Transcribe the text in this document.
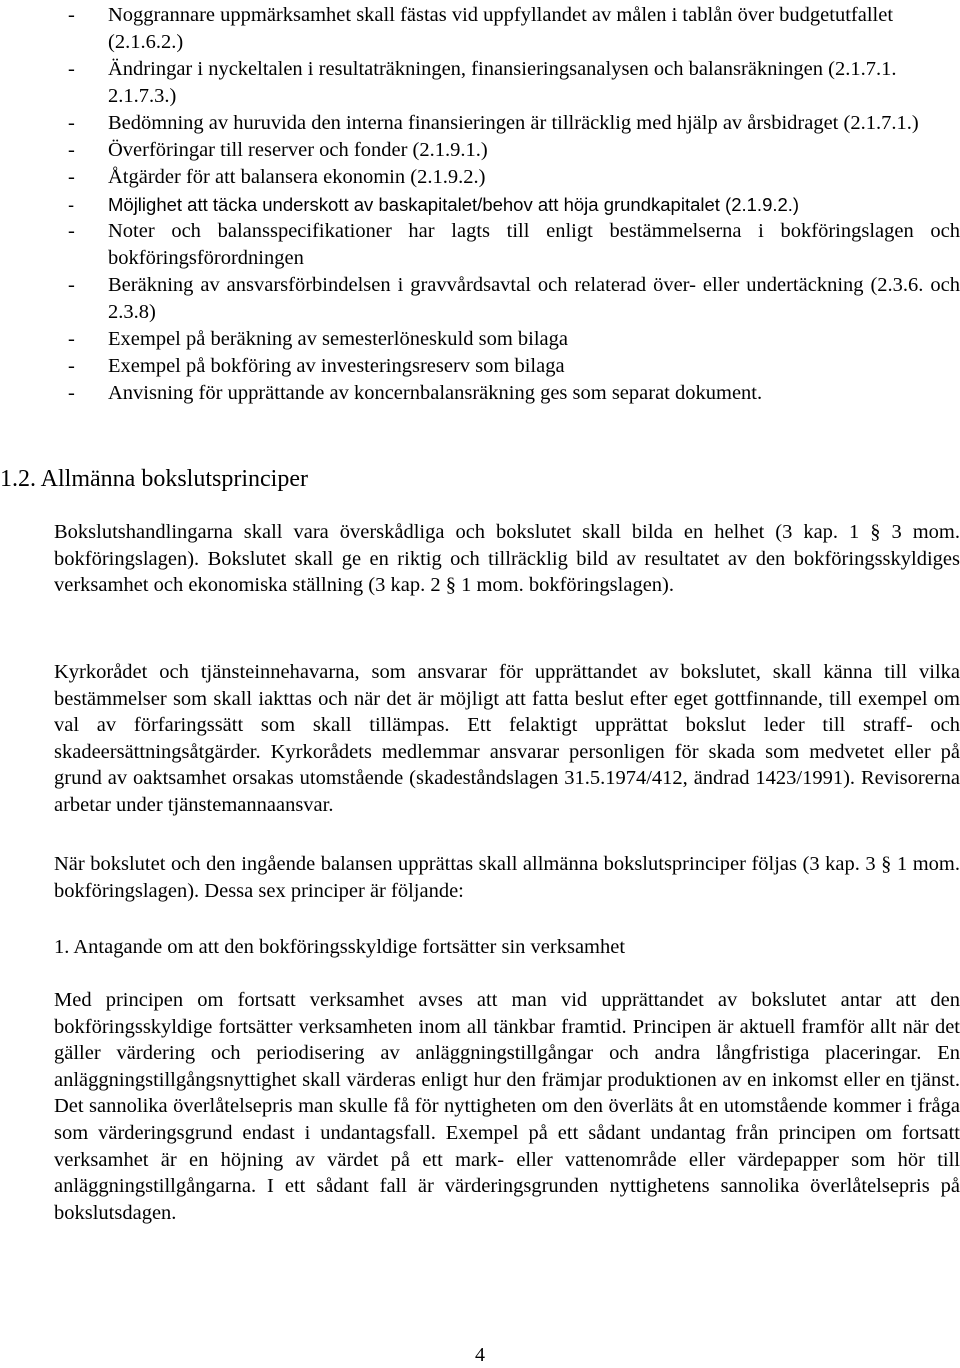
- Noggrannare uppmärksamhet skall fästas vid uppfyllandet av målen i tablån över budgetutfallet (2.1.6.2.)
- Ändringar i nyckeltalen i resultaträkningen, finansieringsanalysen och balansräkningen (2.1.7.1. 2.1.7.3.)
- Bedömning av huruvida den interna finansieringen är tillräcklig med hjälp av årsbidraget (2.1.7.1.)
- Överföringar till reserver och fonder (2.1.9.1.)
- Åtgärder för att balansera ekonomin (2.1.9.2.)
- Möjlighet att täcka underskott av baskapitalet/behov att höja grundkapitalet (2.1.9.2.)
- Noter och balansspecifikationer har lagts till enligt bestämmelserna i bokföringslagen och bokföringsförordningen
- Beräkning av ansvarsförbindelsen i gravvårdsavtal och relaterad över- eller undertäckning (2.3.6. och 2.3.8)
- Exempel på beräkning av semesterlöneskuld som bilaga
- Exempel på bokföring av investeringsreserv som bilaga
- Anvisning för upprättande av koncernbalansräkning ges som separat dokument.
1.2. Allmänna bokslutsprinciper

Bokslutshandlingarna skall vara överskådliga och bokslutet skall bilda en helhet (3 kap. 1 § 3 mom. bokföringslagen). Bokslutet skall ge en riktig och tillräcklig bild av resultatet av den bokföringsskyldiges verksamhet och ekonomiska ställning (3 kap. 2 § 1 mom. bokföringslagen).

Kyrkorådet och tjänsteinnehavarna, som ansvarar för upprättandet av bokslutet, skall känna till vilka bestämmelser som skall iakttas och när det är möjligt att fatta beslut efter eget gottfinnande, till exempel om val av förfaringssätt som skall tillämpas. Ett felaktigt upprättat bokslut leder till straff- och skadeersättningsåtgärder. Kyrkorådets medlemmar ansvarar personligen för skada som medvetet eller på grund av oaktsamhet orsakas utomstående (skadeståndslagen 31.5.1974/412, ändrad 1423/1991). Revisorerna arbetar under tjänstemannaansvar.

När bokslutet och den ingående balansen upprättas skall allmänna bokslutsprinciper följas (3 kap. 3 § 1 mom. bokföringslagen). Dessa sex principer är följande:

1. Antagande om att den bokföringsskyldige fortsätter sin verksamhet

Med principen om fortsatt verksamhet avses att man vid upprättandet av bokslutet antar att den bokföringsskyldige fortsätter verksamheten inom all tänkbar framtid. Principen är aktuell framför allt när det gäller värdering och periodisering av anläggningstillgångar och andra långfristiga placeringar. En anläggningstillgångsnyttighet skall värderas enligt hur den främjar produktionen av en inkomst eller en tjänst. Det sannolika överlåtelsepris man skulle få för nyttigheten om den överläts åt en utomstående kommer i fråga som värderingsgrund endast i undantagsfall. Exempel på ett sådant undantag från principen om fortsatt verksamhet är en höjning av värdet på ett mark- eller vattenområde eller värdepapper som hör till anläggningstillgångarna. I ett sådant fall är värderingsgrunden nyttighetens sannolika överlåtelsepris på bokslutsdagen.

4
